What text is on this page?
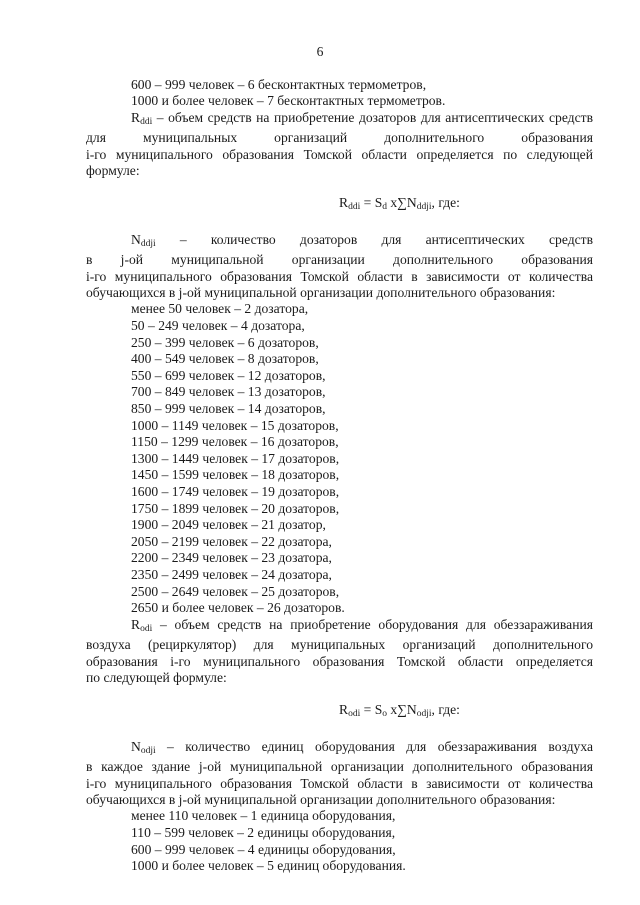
6
600 – 999 человек – 6 бесконтактных термометров,
1000 и более человек – 7 бесконтактных термометров.
$R_{ddi}$ – объем средств на приобретение дозаторов для антисептических средств
для муниципальных организаций дополнительного образования
i-го муниципального образования Томской области определяется по следующей
формуле:
$R_{ddi} = S_d$ $x\sum N_{ddji}$, где:
$N_{ddji}$ – количество дозаторов для антисептических средств
в j-ой муниципальной организации дополнительного образования
i-го муниципального образования Томской области в зависимости от количества
обучающихся в j-ой муниципальной организации дополнительного образования:
менее 50 человек – 2 дозатора,
50 – 249 человек – 4 дозатора,
250 – 399 человек – 6 дозаторов,
400 – 549 человек – 8 дозаторов,
550 – 699 человек – 12 дозаторов,
700 – 849 человек – 13 дозаторов,
850 – 999 человек – 14 дозаторов,
1000 – 1149 человек – 15 дозаторов,
1150 – 1299 человек – 16 дозаторов,
1300 – 1449 человек – 17 дозаторов,
1450 – 1599 человек – 18 дозаторов,
1600 – 1749 человек – 19 дозаторов,
1750 – 1899 человек – 20 дозаторов,
1900 – 2049 человек – 21 дозатор,
2050 – 2199 человек – 22 дозатора,
2200 – 2349 человек – 23 дозатора,
2350 – 2499 человек – 24 дозатора,
2500 – 2649 человек – 25 дозаторов,
2650 и более человек – 26 дозаторов.
$R_{odi}$ – объем средств на приобретение оборудования для обеззараживания
воздуха (рециркулятор) для муниципальных организаций дополнительного
образования i-го муниципального образования Томской области определяется
по следующей формуле:
$R_{odi} = S_o$ $x\sum N_{odji}$, где:
$N_{odji}$ – количество единиц оборудования для обеззараживания воздуха
в каждое здание j-ой муниципальной организации дополнительного образования
i-го муниципального образования Томской области в зависимости от количества
обучающихся в j-ой муниципальной организации дополнительного образования:
менее 110 человек – 1 единица оборудования,
110 – 599 человек – 2 единицы оборудования,
600 – 999 человек – 4 единицы оборудования,
1000 и более человек – 5 единиц оборудования.
